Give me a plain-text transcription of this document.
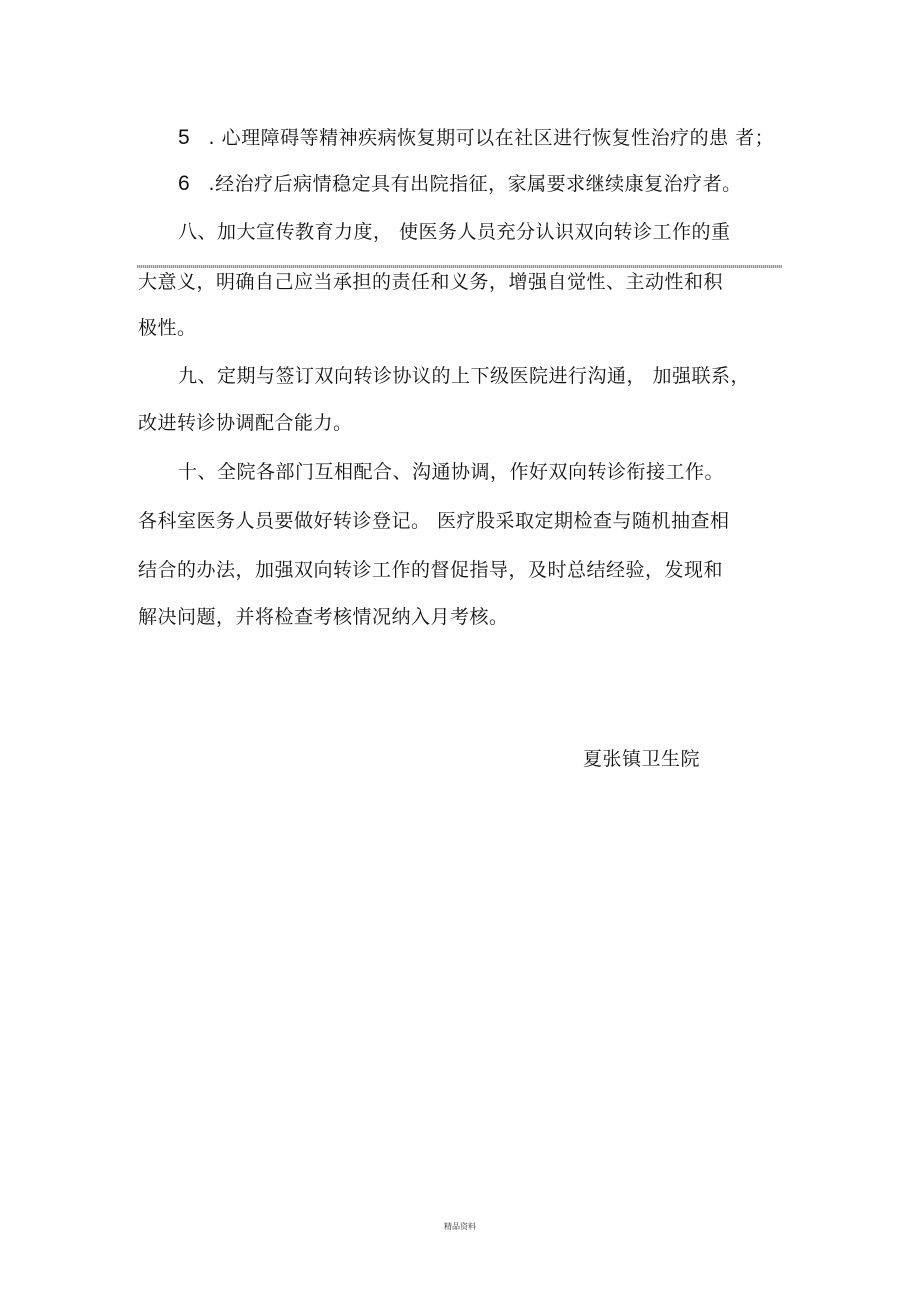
5 . 心理障碍等精神疾病恢复期可以在社区进行恢复性治疗的患 者；
6 .经治疗后病情稳定具有出院指征，家属要求继续康复治疗者。
八、加大宣传教育力度， 使医务人员充分认识双向转诊工作的重
大意义，明确自己应当承担的责任和义务，增强自觉性、主动性和积
极性。
九、定期与签订双向转诊协议的上下级医院进行沟通， 加强联系，
改进转诊协调配合能力。
十、全院各部门互相配合、沟通协调，作好双向转诊衔接工作。
各科室医务人员要做好转诊登记。 医疗股采取定期检查与随机抽查相
结合的办法，加强双向转诊工作的督促指导，及时总结经验，发现和
解决问题，并将检查考核情况纳入月考核。
夏张镇卫生院
精品资料
